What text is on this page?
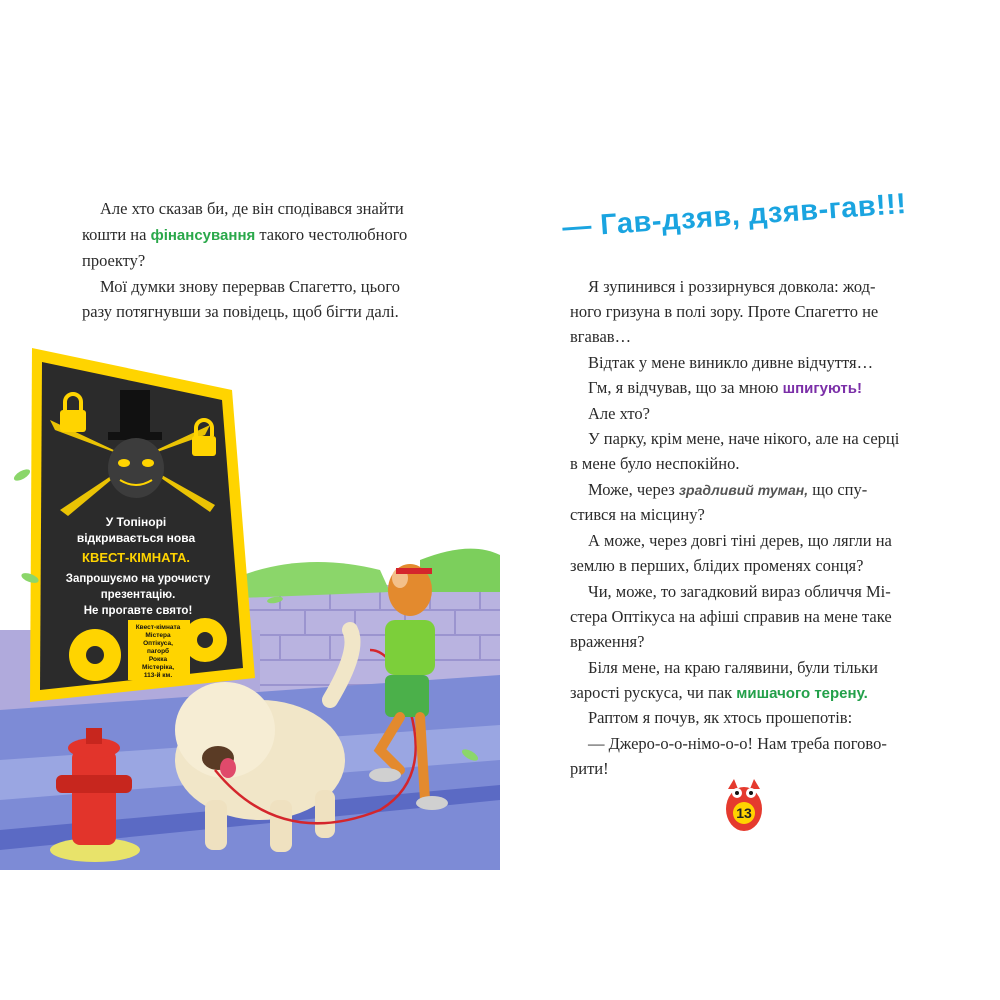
Але хто сказав би, де він сподівався знайти

кошти на фінансування такого честолюбного

проекту?

Мої думки знову перервав Спагетто, цього

разу потягнувши за повідець, щоб бігти далі.

У Топінорі
відкривається нова
КВЕСТ-КІМНАТА.
Запрошуємо на урочисту
презентацію.
Не прогавте свято!
Квест-кімната
Містера
Оптікуса,
пагорб
Рокка
Містеріка,
113-й км.
— Гав-дзяв, дзяв-гав!!!

Я зупинився і роззирнувся довкола: жод-

ного гризуна в полі зору. Проте Спагетто не

вгавав…

Відтак у мене виникло дивне відчуття…

Гм, я відчував, що за мною шпигують!

Але хто?

У парку, крім мене, наче нікого, але на серці

в мене було неспокійно.

Може, через зрадливий туман, що спу-

стився на місцину?

А може, через довгі тіні дерев, що лягли на

землю в перших, блідих променях сонця?

Чи, може, то загадковий вираз обличчя Мі-

стера Оптікуса на афіші справив на мене таке

враження?

Біля мене, на краю галявини, були тільки

зарості рускуса, чи пак мишачого терену.

Раптом я почув, як хтось прошепотів:

— Джеро-о-о-німо-о-о! Нам треба погово-

рити!

13
